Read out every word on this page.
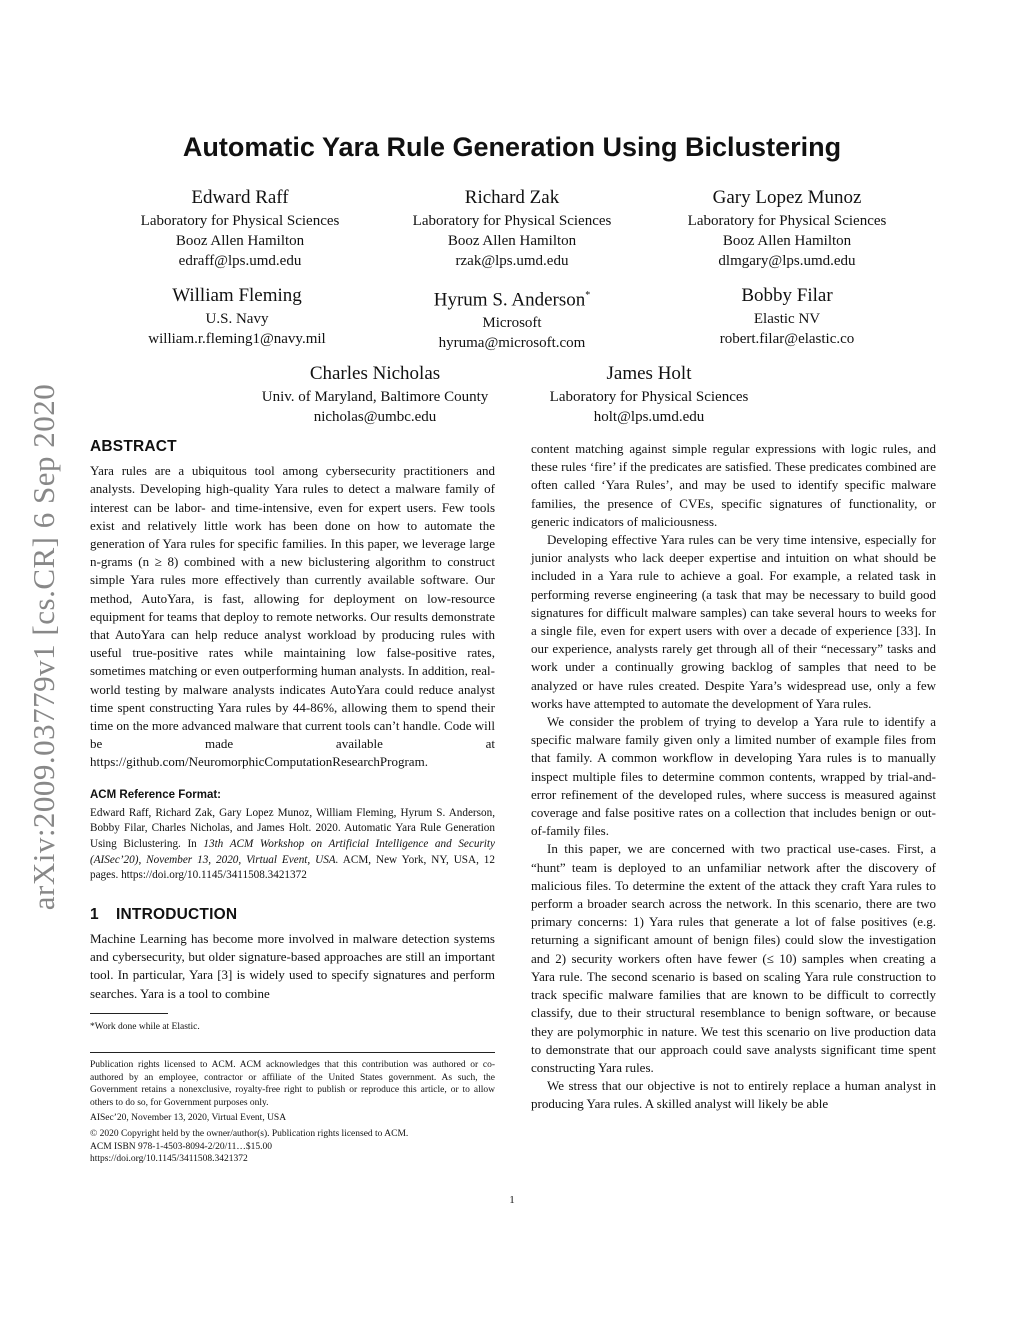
arXiv:2009.03779v1 [cs.CR] 6 Sep 2020
Automatic Yara Rule Generation Using Biclustering
Edward Raff
Laboratory for Physical Sciences
Booz Allen Hamilton
edraff@lps.umd.edu
Richard Zak
Laboratory for Physical Sciences
Booz Allen Hamilton
rzak@lps.umd.edu
Gary Lopez Munoz
Laboratory for Physical Sciences
Booz Allen Hamilton
dlmgary@lps.umd.edu
William Fleming
U.S. Navy
william.r.fleming1@navy.mil
Hyrum S. Anderson*
Microsoft
hyruma@microsoft.com
Bobby Filar
Elastic NV
robert.filar@elastic.co
Charles Nicholas
Univ. of Maryland, Baltimore County
nicholas@umbc.edu
James Holt
Laboratory for Physical Sciences
holt@lps.umd.edu
ABSTRACT

Yara rules are a ubiquitous tool among cybersecurity practitioners and analysts. Developing high-quality Yara rules to detect a malware family of interest can be labor- and time-intensive, even for expert users. Few tools exist and relatively little work has been done on how to automate the generation of Yara rules for specific families. In this paper, we leverage large n-grams (n ≥ 8) combined with a new biclustering algorithm to construct simple Yara rules more effectively than currently available software. Our method, AutoYara, is fast, allowing for deployment on low-resource equipment for teams that deploy to remote networks. Our results demonstrate that AutoYara can help reduce analyst workload by producing rules with useful true-positive rates while maintaining low false-positive rates, sometimes matching or even outperforming human analysts. In addition, real-world testing by malware analysts indicates AutoYara could reduce analyst time spent constructing Yara rules by 44-86%, allowing them to spend their time on the more advanced malware that current tools can’t handle. Code will be made available at https://github.com/NeuromorphicComputationResearchProgram.

ACM Reference Format:
Edward Raff, Richard Zak, Gary Lopez Munoz, William Fleming, Hyrum S. Anderson, Bobby Filar, Charles Nicholas, and James Holt. 2020. Automatic Yara Rule Generation Using Biclustering. In 13th ACM Workshop on Artificial Intelligence and Security (AISec’20), November 13, 2020, Virtual Event, USA. ACM, New York, NY, USA, 12 pages. https://doi.org/10.1145/3411508.3421372
1 INTRODUCTION

Machine Learning has become more involved in malware detection systems and cybersecurity, but older signature-based approaches are still an important tool. In particular, Yara [3] is widely used to specify signatures and perform searches. Yara is a tool to combine

*Work done while at Elastic.
Publication rights licensed to ACM. ACM acknowledges that this contribution was authored or co-authored by an employee, contractor or affiliate of the United States government. As such, the Government retains a nonexclusive, royalty-free right to publish or reproduce this article, or to allow others to do so, for Government purposes only.
AISec’20, November 13, 2020, Virtual Event, USA
© 2020 Copyright held by the owner/author(s). Publication rights licensed to ACM.
ACM ISBN 978-1-4503-8094-2/20/11…$15.00
https://doi.org/10.1145/3411508.3421372

content matching against simple regular expressions with logic rules, and these rules ‘fire’ if the predicates are satisfied. These predicates combined are often called ‘Yara Rules’, and may be used to identify specific malware families, the presence of CVEs, specific signatures of functionality, or generic indicators of maliciousness.

Developing effective Yara rules can be very time intensive, especially for junior analysts who lack deeper expertise and intuition on what should be included in a Yara rule to achieve a goal. For example, a related task in performing reverse engineering (a task that may be necessary to build good signatures for difficult malware samples) can take several hours to weeks for a single file, even for expert users with over a decade of experience [33]. In our experience, analysts rarely get through all of their “necessary” tasks and work under a continually growing backlog of samples that need to be analyzed or have rules created. Despite Yara’s widespread use, only a few works have attempted to automate the development of Yara rules.

We consider the problem of trying to develop a Yara rule to identify a specific malware family given only a limited number of example files from that family. A common workflow in developing Yara rules is to manually inspect multiple files to determine common contents, wrapped by trial-and-error refinement of the developed rules, where success is measured against coverage and false positive rates on a collection that includes benign or out-of-family files.

In this paper, we are concerned with two practical use-cases. First, a “hunt” team is deployed to an unfamiliar network after the discovery of malicious files. To determine the extent of the attack they craft Yara rules to perform a broader search across the network. In this scenario, there are two primary concerns: 1) Yara rules that generate a lot of false positives (e.g. returning a significant amount of benign files) could slow the investigation and 2) security workers often have fewer (≤ 10) samples when creating a Yara rule. The second scenario is based on scaling Yara rule construction to track specific malware families that are known to be difficult to correctly classify, due to their structural resemblance to benign software, or because they are polymorphic in nature. We test this scenario on live production data to demonstrate that our approach could save analysts significant time spent constructing Yara rules.

We stress that our objective is not to entirely replace a human analyst in producing Yara rules. A skilled analyst will likely be able

1
